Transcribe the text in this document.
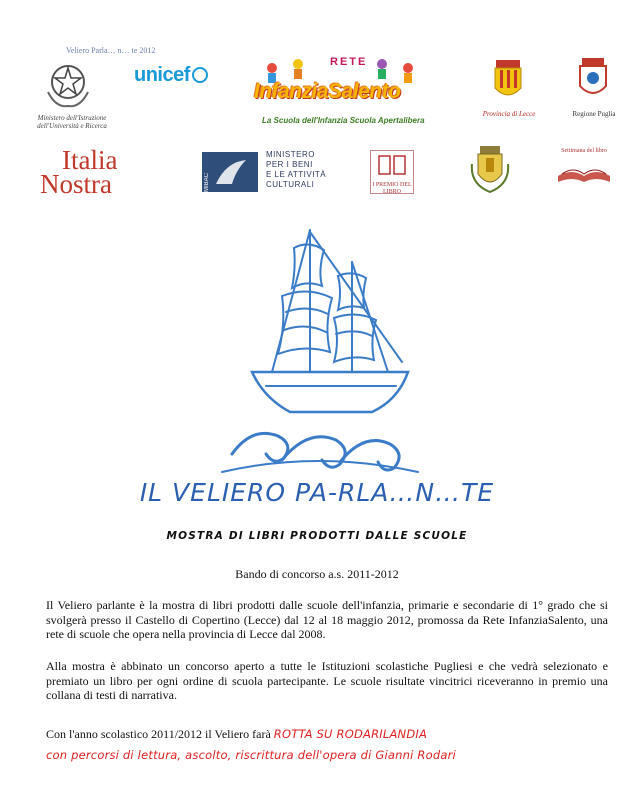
Veliero Parla… n… te 2012
Ministero dell'Istruzione dell'Università e Ricerca
unicef
RETE
InfanziaSalento
La Scuola dell'Infanzia Scuola Apertalibera
Provincia di Lecce	Regione Puglia
Italia
Nostra	MIBAC
MINISTERO
PER I BENI
E LE ATTIVITÀ
CULTURALI	I PREMIO DEL LIBRO
Settimana del libro
IL VELIERO PA-RLA…N…TE
MOSTRA DI LIBRI PRODOTTI DALLE SCUOLE
Bando di concorso a.s. 2011-2012
Il Veliero parlante è la mostra di libri prodotti dalle scuole dell'infanzia, primarie e secondarie di 1° grado che si svolgerà presso il Castello di Copertino (Lecce) dal 12 al 18 maggio 2012, promossa da Rete InfanziaSalento, una rete di scuole che opera nella provincia di Lecce dal 2008.
Alla mostra è abbinato un concorso aperto a tutte le Istituzioni scolastiche Pugliesi e che vedrà selezionato e premiato un libro per ogni ordine di scuola partecipante. Le scuole risultate vincitrici riceveranno in premio una collana di testi di narrativa.
Con l'anno scolastico 2011/2012 il Veliero farà ROTTA SU RODARILANDIA
con percorsi di lettura, ascolto, riscrittura dell'opera di Gianni Rodari
